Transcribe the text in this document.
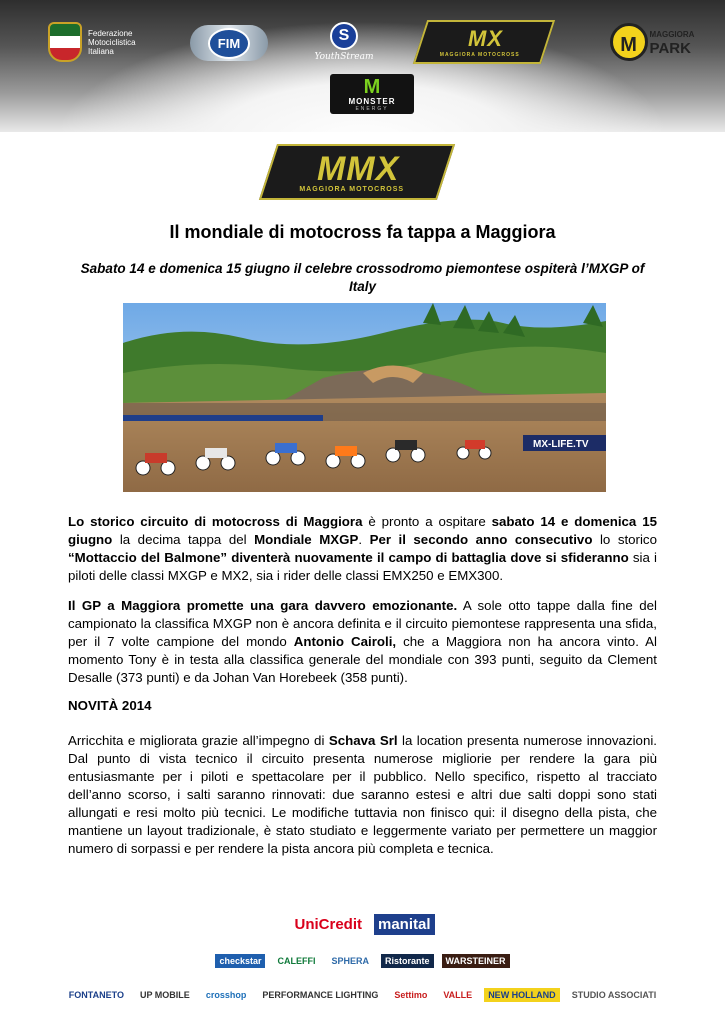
Federazione Motociclistica Italiana
FIM	S
YouthStream
MX
MAGGIORA MOTOCROSS	M	MAGGIORA
PARK
M
MONSTER
ENERGY
MMX
MAGGIORA MOTOCROSS
Il mondiale di motocross fa tappa a Maggiora
Sabato 14 e domenica 15 giugno il celebre crossodromo piemontese ospiterà l’MXGP of Italy
MX-LIFE.TV
Lo storico circuito di motocross di Maggiora è pronto a ospitare sabato 14 e domenica 15 giugno la decima tappa del Mondiale MXGP. Per il secondo anno consecutivo lo storico “Mottaccio del Balmone” diventerà nuovamente il campo di battaglia dove si sfideranno sia i piloti delle classi MXGP e MX2, sia i rider delle classi EMX250 e EMX300.
Il GP a Maggiora promette una gara davvero emozionante. A sole otto tappe dalla fine del campionato la classifica MXGP non è ancora definita e il circuito piemontese rappresenta una sfida, per il 7 volte campione del mondo Antonio Cairoli, che a Maggiora non ha ancora vinto. Al momento Tony è in testa alla classifica generale del mondiale con 393 punti, seguito da Clement Desalle (373 punti) e da Johan Van Horebeek (358 punti).
NOVITÀ 2014
Arricchita e migliorata grazie all’impegno di Schava Srl la location presenta numerose innovazioni. Dal punto di vista tecnico il circuito presenta numerose migliorie per rendere la gara più entusiasmante per i piloti e spettacolare per il pubblico. Nello specifico, rispetto al tracciato dell’anno scorso, i salti saranno rinnovati: due saranno estesi e altri due salti doppi sono stati allungati e resi molto più tecnici. Le modifiche tuttavia non finisco qui: il disegno della pista, che mantiene un layout tradizionale, è stato studiato e leggermente variato per permettere un maggior numero di sorpassi e per rendere la pista ancora più completa e tecnica.
UniCredit manital
checkstar	CALEFFI	SPHERA	Ristorante	WARSTEINER
FONTANETO	UP MOBILE	crosshop	PERFORMANCE LIGHTING	Settimo	VALLE	NEW HOLLAND	STUDIO ASSOCIATI
